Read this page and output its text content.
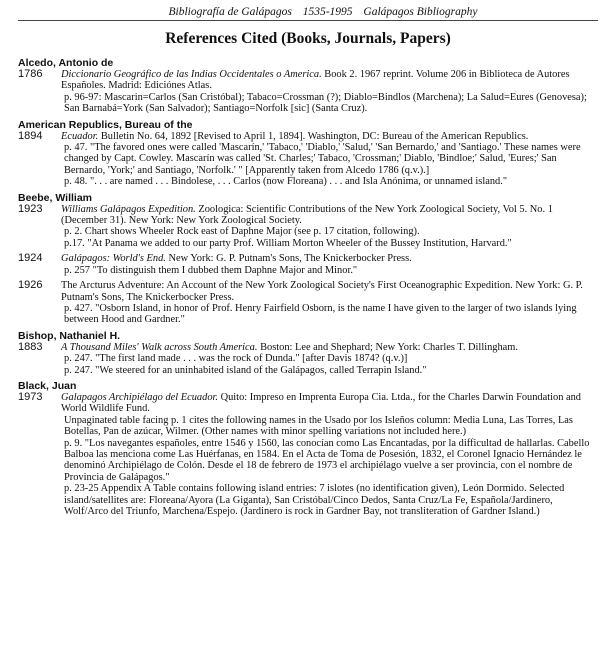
Bibliografía de Galápagos 1535-1995 Galápagos Bibliography
References Cited (Books, Journals, Papers)
Alcedo, Antonio de
1786	Diccionario Geográfico de las Indias Occidentales o America. Book 2. 1967 reprint. Volume 206 in Biblioteca de Autores Españoles. Madrid: Ediciónes Atlas.
p. 96-97: Mascarin=Carlos (San Cristóbal); Tabaco=Crossman (?); Diablo=Bindlos (Marchena); La Salud=Eures (Genovesa); San Barnabá=York (San Salvador); Santiago=Norfolk [sic] (Santa Cruz).
American Republics, Bureau of the
1894	Ecuador. Bulletin No. 64, 1892 [Revised to April 1, 1894]. Washington, DC: Bureau of the American Republics.
p. 47. "The favored ones were called 'Mascarín,' 'Tabaco,' 'Diablo,' 'Salud,' 'San Bernardo,' and 'Santiago.' These names were changed by Capt. Cowley. Mascarín was called 'St. Charles;' Tabaco, 'Crossman;' Diablo, 'Bindloe;' Salud, 'Eures;' San Bernardo, 'York;' and Santiago, 'Norfolk.' " [Apparently taken from Alcedo 1786 (q.v.).]
p. 48. ". . . are named . . . Bindolese, . . . Carlos (now Floreana) . . . and Isla Anónima, or unnamed island."
Beebe, William
1923	Williams Galápagos Expedition. Zoologica: Scientific Contributions of the New York Zoological Society, Vol 5. No. 1 (December 31). New York: New York Zoological Society.
p. 2. Chart shows Wheeler Rock east of Daphne Major (see p. 17 citation, following).
p.17. "At Panama we added to our party Prof. William Morton Wheeler of the Bussey Institution, Harvard."
1924	Galápagos: World's End. New York: G. P. Putnam's Sons, The Knickerbocker Press.
p. 257 "To distinguish them I dubbed them Daphne Major and Minor."
1926	The Arcturus Adventure: An Account of the New York Zoological Society's First Oceanographic Expedition. New York: G. P. Putnam's Sons, The Knickerbocker Press.
p. 427. "Osborn Island, in honor of Prof. Henry Fairfield Osborn, is the name I have given to the larger of two islands lying between Hood and Gardner."
Bishop, Nathaniel H.
1883	A Thousand Miles' Walk across South America. Boston: Lee and Shephard; New York: Charles T. Dillingham.
p. 247. "The first land made . . . was the rock of Dunda." [after Davis 1874? (q.v.)]
p. 247. "We steered for an uninhabited island of the Galápagos, called Terrapin Island."
Black, Juan
1973	Galapagos Archipiélago del Ecuador. Quito: Impreso en Imprenta Europa Cia. Ltda., for the Charles Darwin Foundation and World Wildlife Fund.
Unpaginated table facing p. 1 cites the following names in the Usado por los Isleños column: Media Luna, Las Torres, Las Botellas, Pan de azúcar, Wilmer. (Other names with minor spelling variations not included here.)
p. 9. "Los navegantes españoles, entre 1546 y 1560, las conocían como Las Encantadas, por la difficultad de hallarlas. Cabello Balboa las menciona come Las Huérfanas, en 1584. En el Acta de Toma de Posesión, 1832, el Coronel Ignacio Hernández le denominó Archipiélago de Colón. Desde el 18 de febrero de 1973 el archipiélago vuelve a ser provincia, con el nombre de Provincia de Galápagos."
p. 23-25 Appendix A Table contains following island entries: 7 islotes (no identification given), León Dormido. Selected island/satellites are: Floreana/Ayora (La Giganta), San Cristóbal/Cinco Dedos, Santa Cruz/La Fe, Española/Jardinero, Wolf/Arco del Triunfo, Marchena/Espejo. (Jardinero is rock in Gardner Bay, not transliteration of Gardner Island.)
